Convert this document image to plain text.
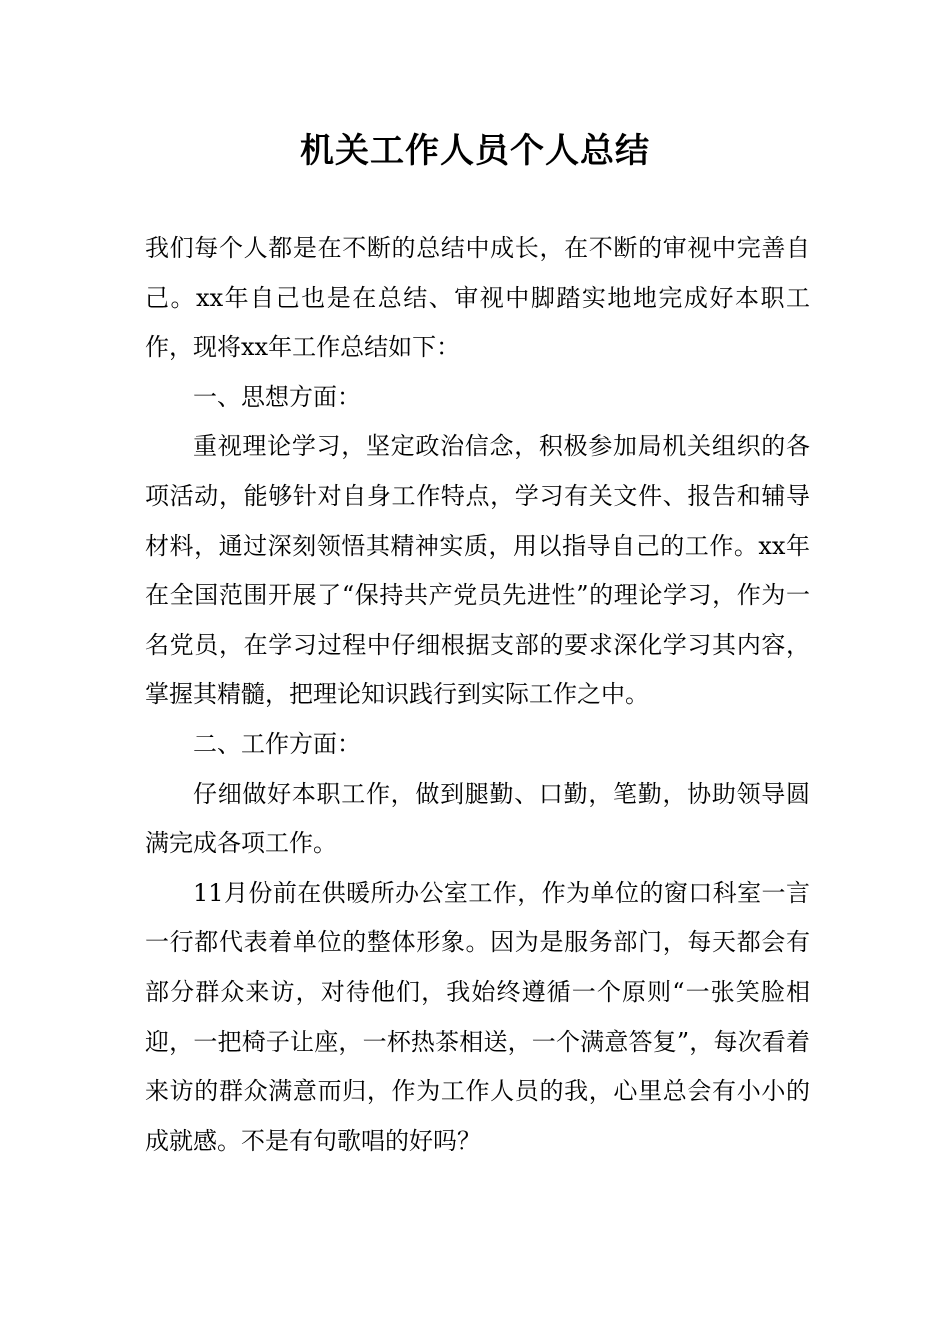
机关工作人员个人总结

我们每个人都是在不断的总结中成长，在不断的审视中完善自己。xx年自己也是在总结、审视中脚踏实地地完成好本职工作，现将xx年工作总结如下：

一、思想方面：

重视理论学习，坚定政治信念，积极参加局机关组织的各项活动，能够针对自身工作特点，学习有关文件、报告和辅导材料，通过深刻领悟其精神实质，用以指导自己的工作。xx年在全国范围开展了“保持共产党员先进性”的理论学习，作为一名党员，在学习过程中仔细根据支部的要求深化学习其内容，掌握其精髓，把理论知识践行到实际工作之中。

二、工作方面：

仔细做好本职工作，做到腿勤、口勤，笔勤，协助领导圆满完成各项工作。

11月份前在供暖所办公室工作，作为单位的窗口科室一言一行都代表着单位的整体形象。因为是服务部门，每天都会有部分群众来访，对待他们，我始终遵循一个原则“一张笑脸相迎，一把椅子让座，一杯热茶相送，一个满意答复”，每次看着来访的群众满意而归，作为工作人员的我，心里总会有小小的成就感。不是有句歌唱的好吗？
